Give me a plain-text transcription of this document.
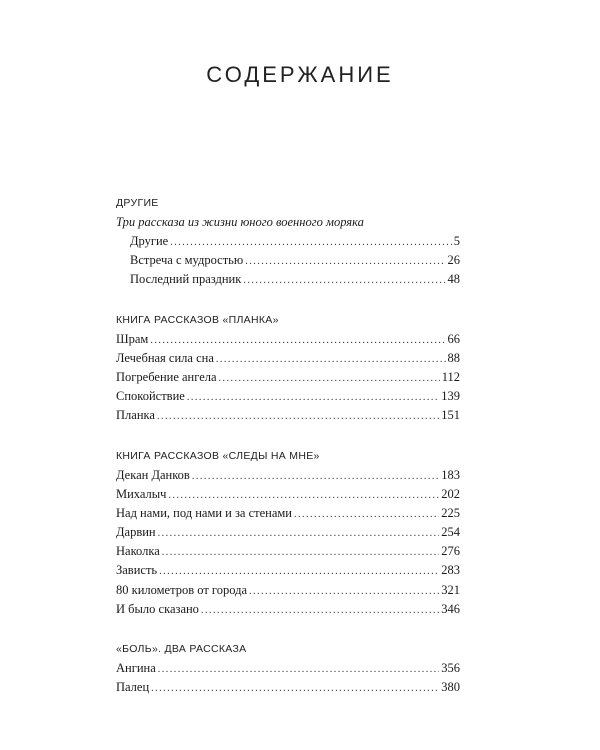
СОДЕРЖАНИЕ
ДРУГИЕ
Три рассказа из жизни юного военного моряка
Другие .....	5
Встреча с мудростью .....	26
Последний праздник .....	48
КНИГА РАССКАЗОВ «ПЛАНКА»
Шрам .....	66
Лечебная сила сна .....	88
Погребение ангела .....	112
Спокойствие .....	139
Планка .....	151
КНИГА РАССКАЗОВ «СЛЕДЫ НА МНЕ»
Декан Данков .....	183
Михалыч .....	202
Над нами, под нами и за стенами .....	225
Дарвин .....	254
Наколка .....	276
Зависть .....	283
80 километров от города .....	321
И было сказано .....	346
«БОЛЬ». ДВА РАССКАЗА
Ангина .....	356
Палец .....	380
